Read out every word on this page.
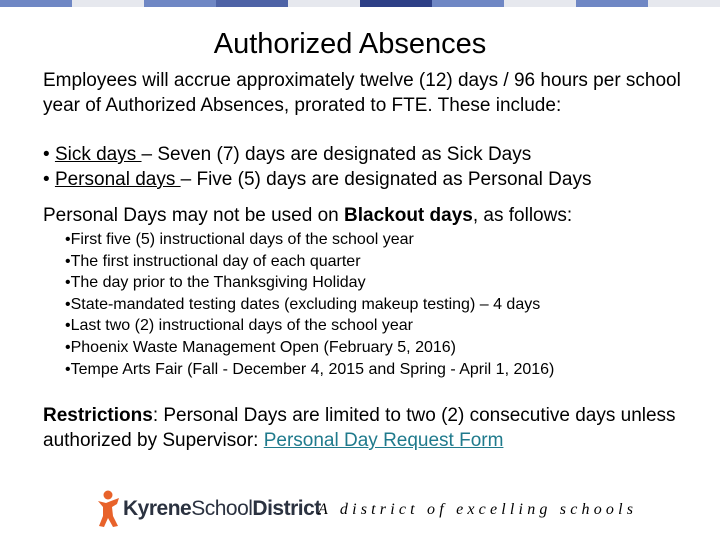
Authorized Absences

Employees will accrue approximately twelve (12) days / 96 hours per school year of Authorized Absences, prorated to FTE. These include:

• Sick days – Seven (7) days are designated as Sick Days
• Personal days – Five (5) days are designated as Personal Days
Personal Days may not be used on Blackout days, as follows:
•First five (5) instructional days of the school year
•The first instructional day of each quarter
•The day prior to the Thanksgiving Holiday
•State-mandated testing dates (excluding makeup testing) – 4 days
•Last two (2) instructional days of the school year
•Phoenix Waste Management Open (February 5, 2016)
•Tempe Arts Fair (Fall - December 4, 2015 and Spring - April 1, 2016)
Restrictions: Personal Days are limited to two (2) consecutive days unless authorized by Supervisor: Personal Day Request Form
KyreneSchoolDistrict
A district of excelling schools
